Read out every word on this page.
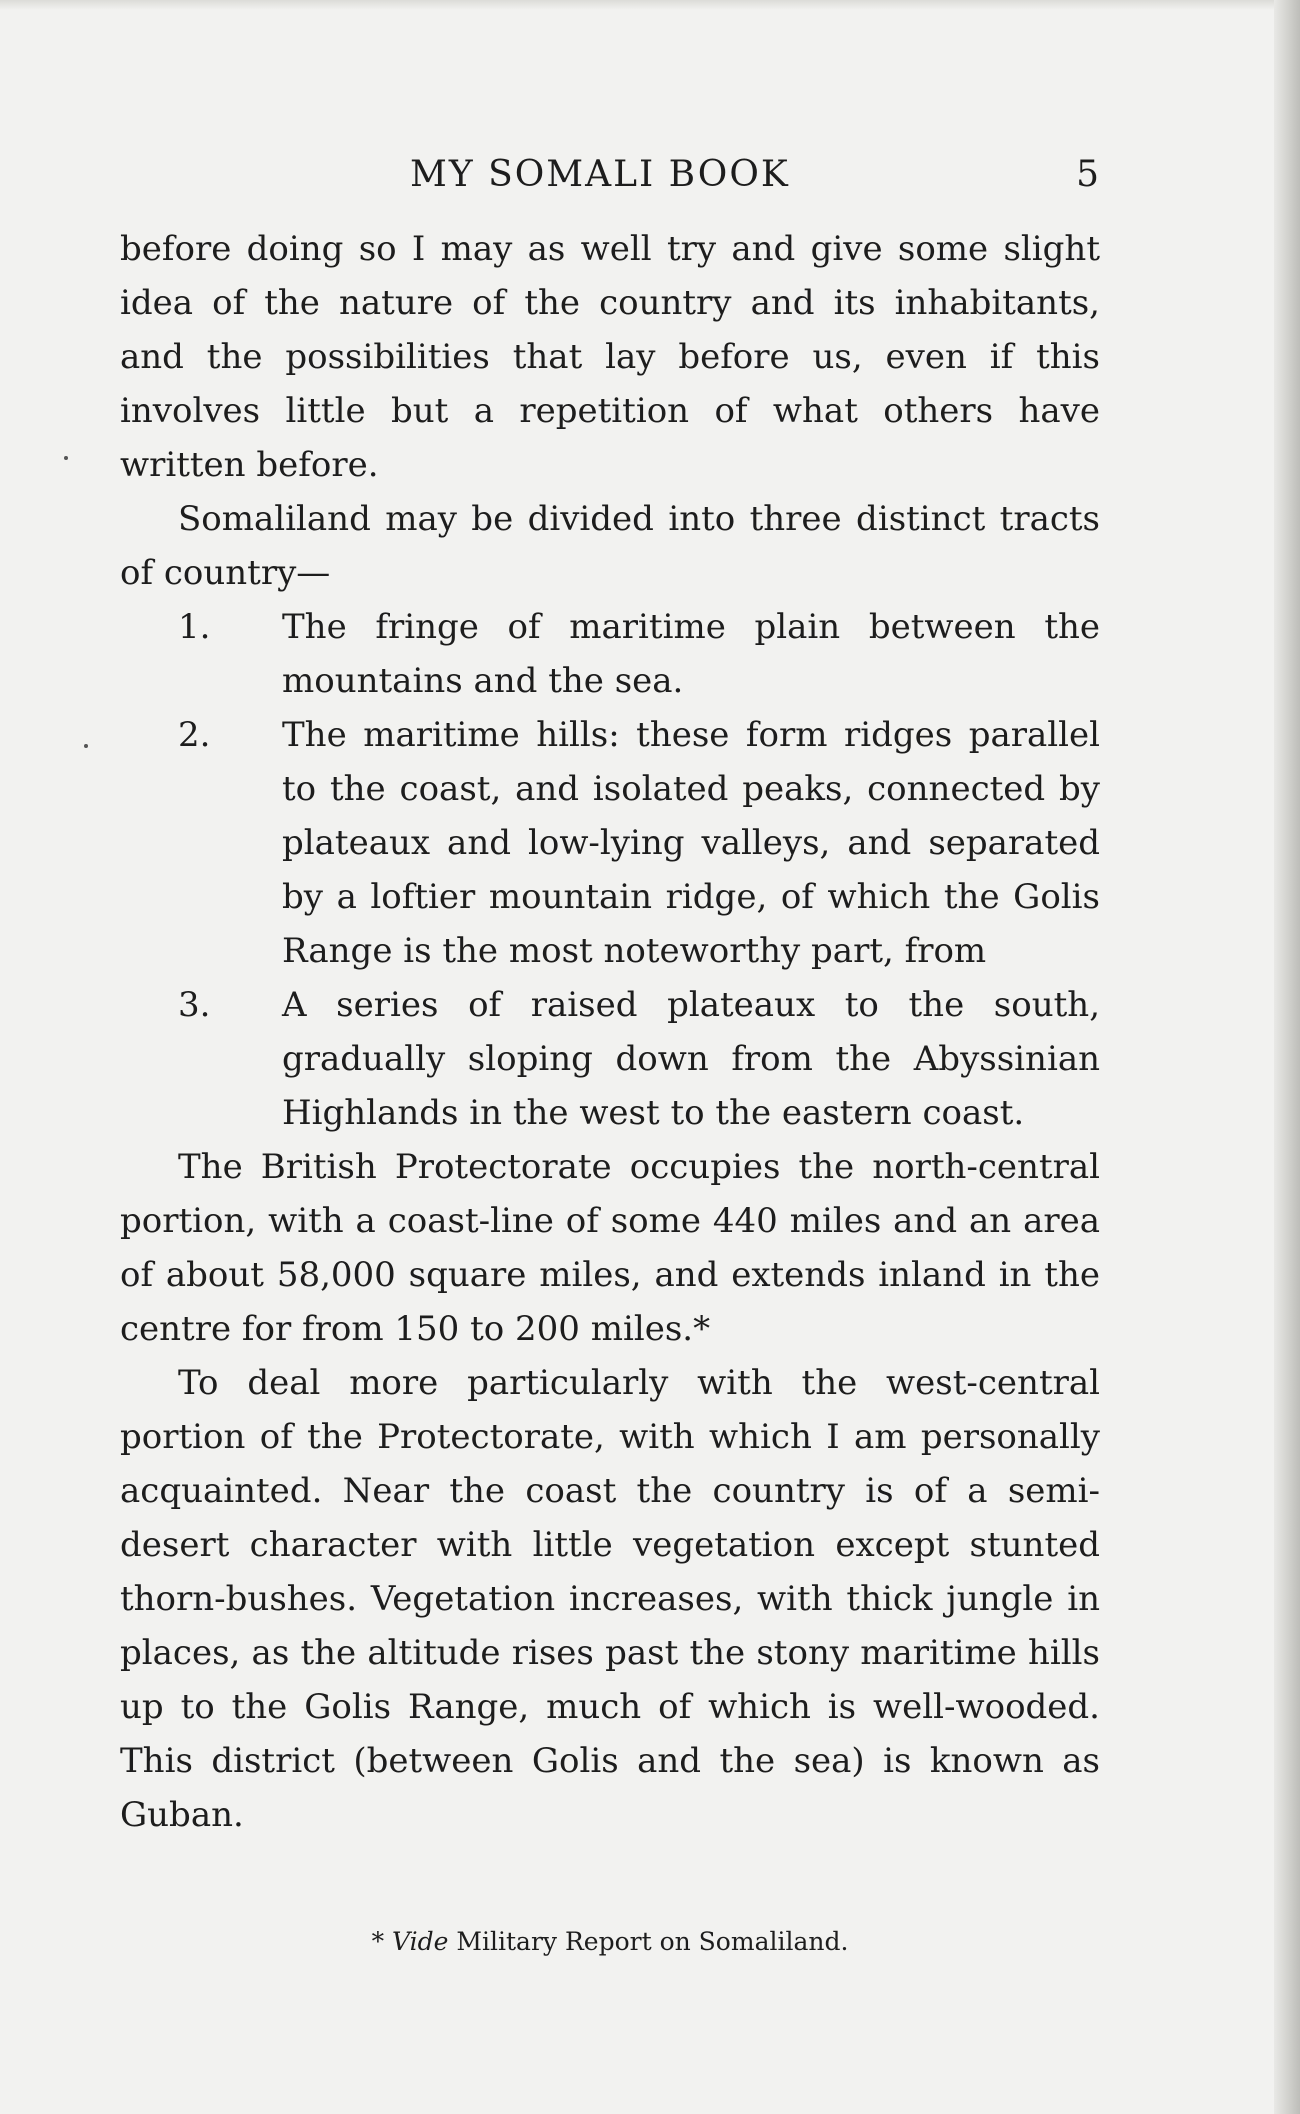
MY SOMALI BOOK	5

before doing so I may as well try and give some slight idea of the nature of the country and its inhabitants, and the possibilities that lay before us, even if this involves little but a repetition of what others have written before.

Somaliland may be divided into three distinct tracts of country—

1.	The fringe of maritime plain between the mountains and the sea.
2.	The maritime hills: these form ridges parallel to the coast, and isolated peaks, connected by plateaux and low-lying valleys, and separated by a loftier mountain ridge, of which the Golis Range is the most noteworthy part, from
3.	A series of raised plateaux to the south, gradually sloping down from the Abyssinian Highlands in the west to the eastern coast.

The British Protectorate occupies the north-central portion, with a coast-line of some 440 miles and an area of about 58,000 square miles, and extends inland in the centre for from 150 to 200 miles.*

To deal more particularly with the west-central portion of the Protectorate, with which I am personally acquainted. Near the coast the country is of a semi-desert character with little vegetation except stunted thorn-bushes. Vegetation increases, with thick jungle in places, as the altitude rises past the stony maritime hills up to the Golis Range, much of which is well-wooded. This district (between Golis and the sea) is known as Guban.

* Vide Military Report on Somaliland.
